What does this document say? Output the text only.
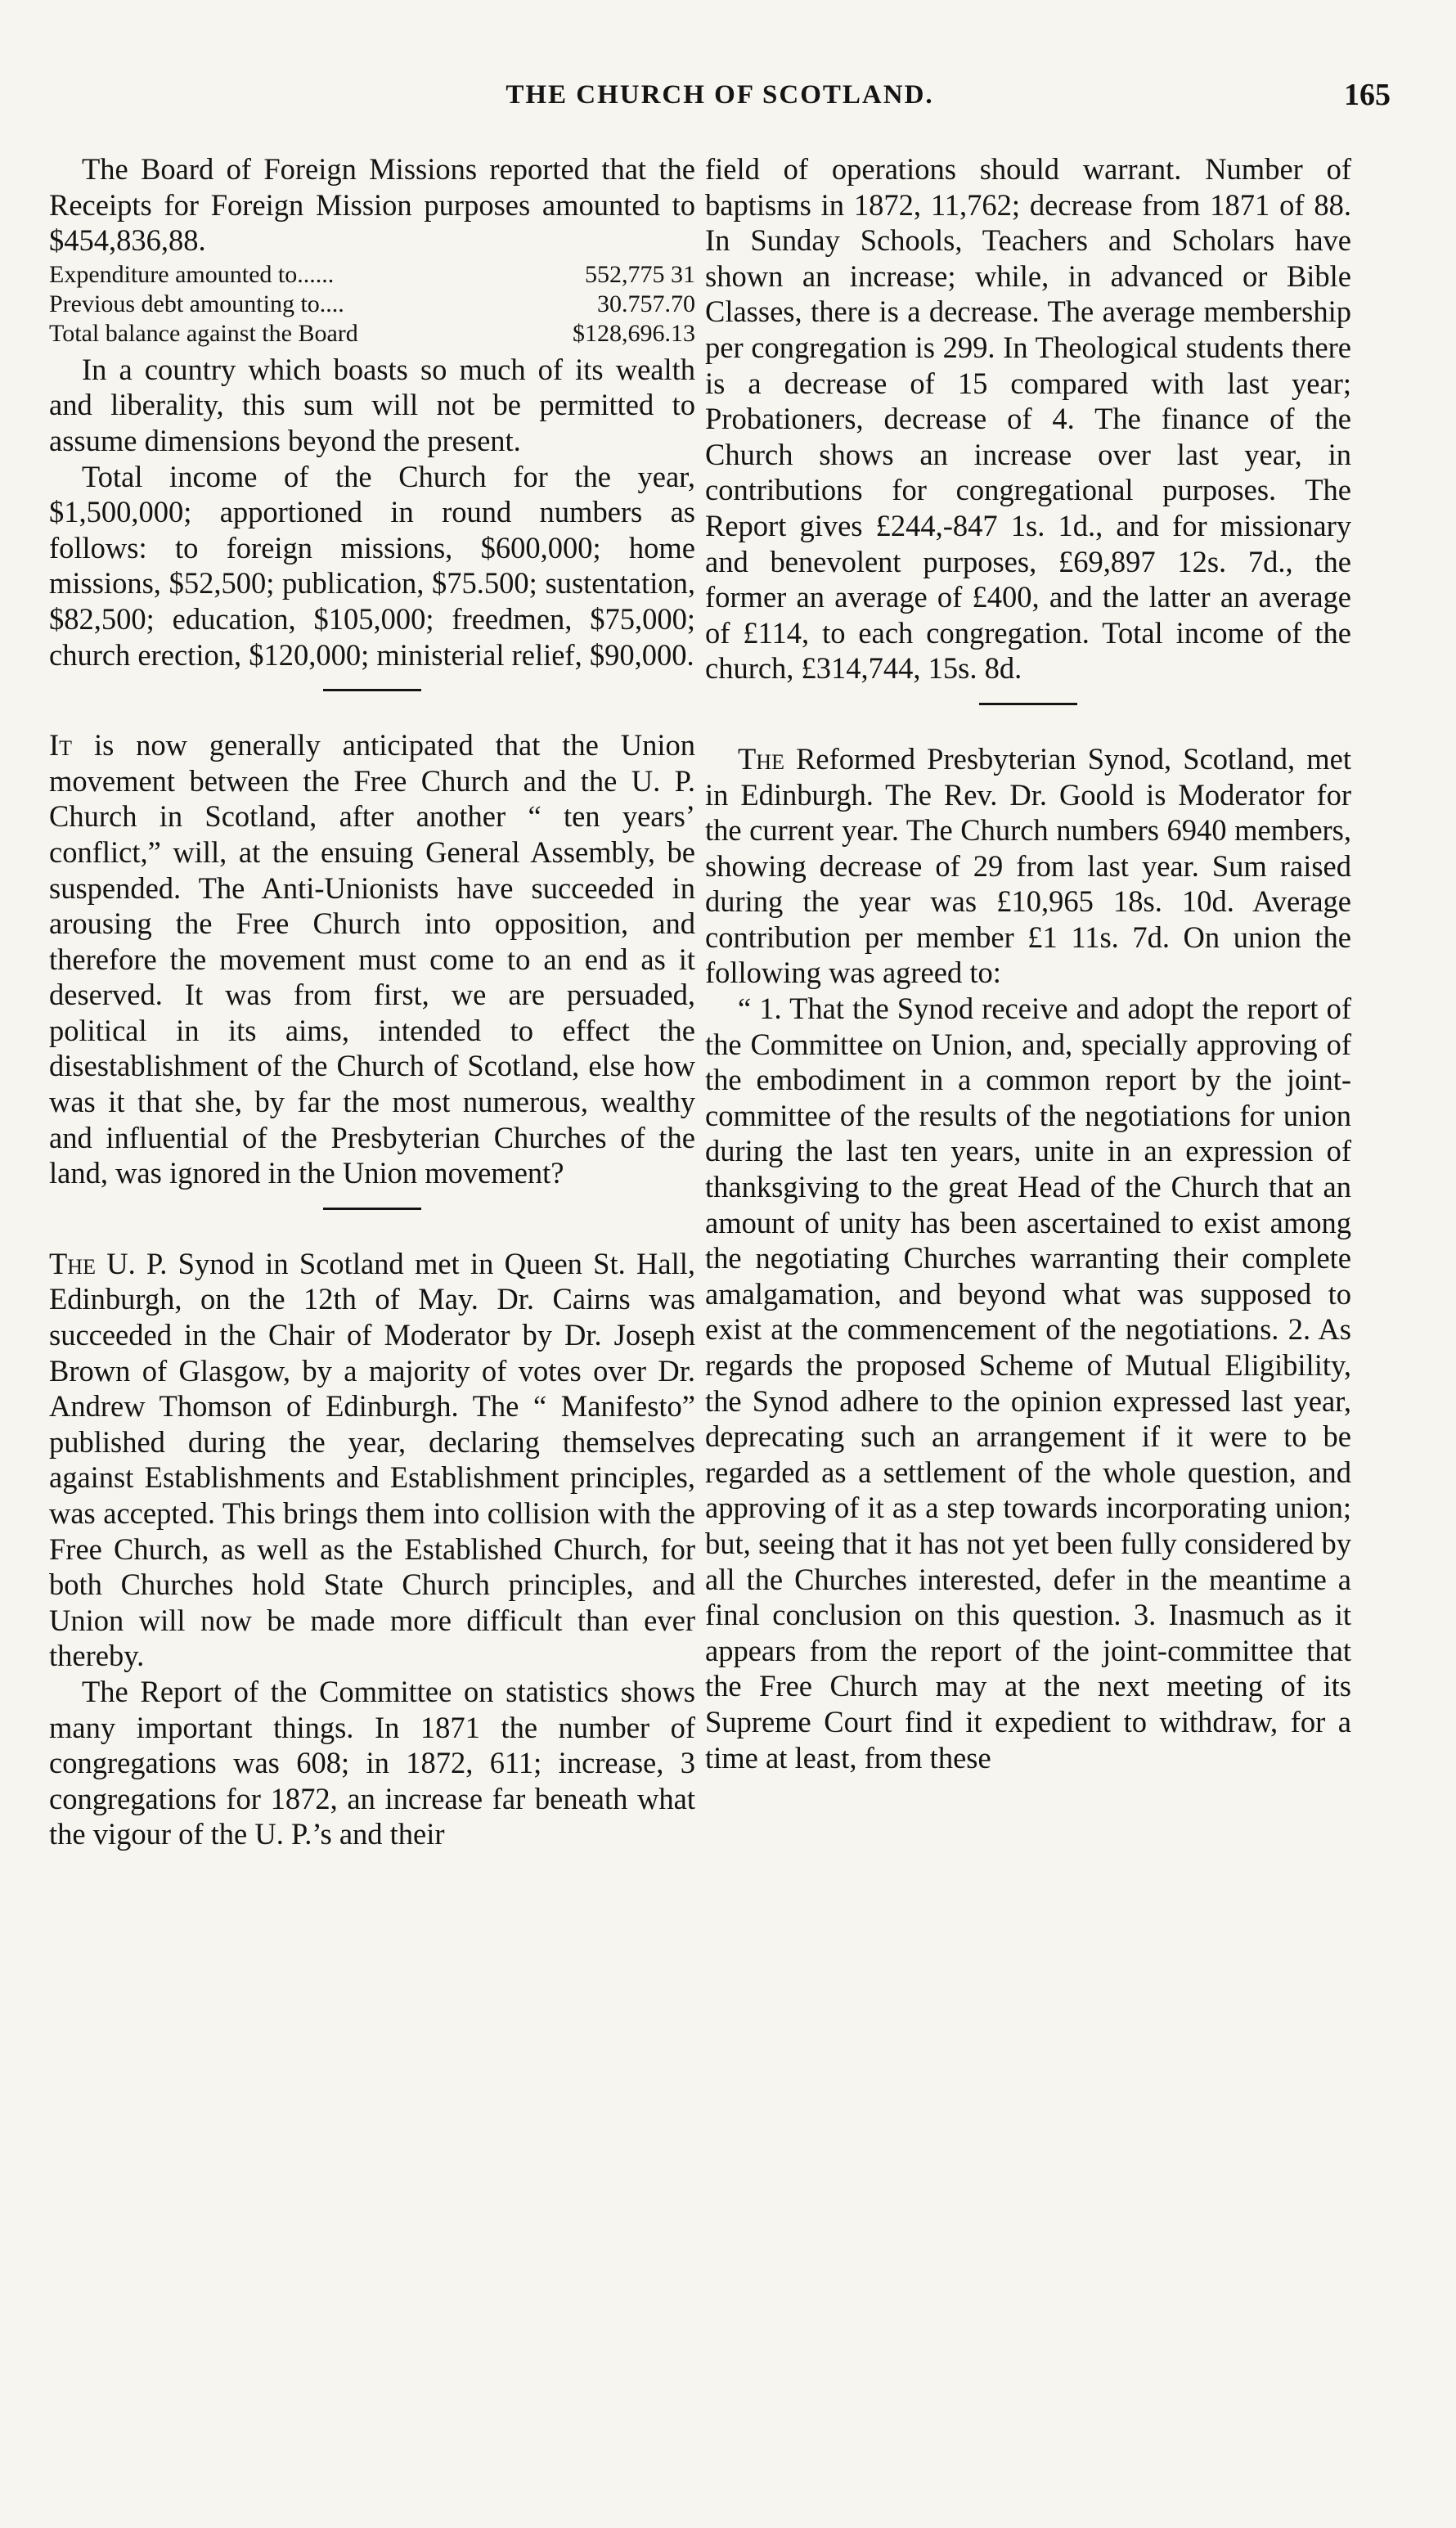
THE CHURCH OF SCOTLAND.	165

The Board of Foreign Missions reported that the Receipts for Foreign Mission purposes amounted to $454,836,88.

Expenditure amounted to......	552,775 31
Previous debt amounting to....	30.757.70
Total balance against the Board	$128,696.13

In a country which boasts so much of its wealth and liberality, this sum will not be permitted to assume dimensions beyond the present.

Total income of the Church for the year, $1,500,000; apportioned in round numbers as follows: to foreign missions, $600,000; home missions, $52,500; publication, $75.500; sustentation, $82,500; education, $105,000; freedmen, $75,000; church erection, $120,000; ministerial relief, $90,000.

It is now generally anticipated that the Union movement between the Free Church and the U. P. Church in Scotland, after another “ ten years’ conflict,” will, at the ensuing General Assembly, be suspended. The Anti-Unionists have succeeded in arousing the Free Church into opposition, and therefore the movement must come to an end as it deserved. It was from first, we are persuaded, political in its aims, intended to effect the disestablishment of the Church of Scotland, else how was it that she, by far the most numerous, wealthy and influential of the Presbyterian Churches of the land, was ignored in the Union movement?

The U. P. Synod in Scotland met in Queen St. Hall, Edinburgh, on the 12th of May. Dr. Cairns was succeeded in the Chair of Moderator by Dr. Joseph Brown of Glasgow, by a majority of votes over Dr. Andrew Thomson of Edinburgh. The “ Manifesto” published during the year, declaring themselves against Establishments and Establishment principles, was accepted. This brings them into collision with the Free Church, as well as the Established Church, for both Churches hold State Church principles, and Union will now be made more difficult than ever thereby.

The Report of the Committee on statistics shows many important things. In 1871 the number of congregations was 608; in 1872, 611; increase, 3 congregations for 1872, an increase far beneath what the vigour of the U. P.’s and their

field of operations should warrant. Number of baptisms in 1872, 11,762; decrease from 1871 of 88. In Sunday Schools, Teachers and Scholars have shown an increase; while, in advanced or Bible Classes, there is a decrease. The average membership per congregation is 299. In Theological students there is a decrease of 15 compared with last year; Probationers, decrease of 4. The finance of the Church shows an increase over last year, in contributions for congregational purposes. The Report gives £244,-847 1s. 1d., and for missionary and benevolent purposes, £69,897 12s. 7d., the former an average of £400, and the latter an average of £114, to each congregation. Total income of the church, £314,744, 15s. 8d.

The Reformed Presbyterian Synod, Scotland, met in Edinburgh. The Rev. Dr. Goold is Moderator for the current year. The Church numbers 6940 members, showing decrease of 29 from last year. Sum raised during the year was £10,965 18s. 10d. Average contribution per member £1 11s. 7d. On union the following was agreed to:

“ 1. That the Synod receive and adopt the report of the Committee on Union, and, specially approving of the embodiment in a common report by the joint-committee of the results of the negotiations for union during the last ten years, unite in an expression of thanksgiving to the great Head of the Church that an amount of unity has been ascertained to exist among the negotiating Churches warranting their complete amalgamation, and beyond what was supposed to exist at the commencement of the negotiations. 2. As regards the proposed Scheme of Mutual Eligibility, the Synod adhere to the opinion expressed last year, deprecating such an arrangement if it were to be regarded as a settlement of the whole question, and approving of it as a step towards incorporating union; but, seeing that it has not yet been fully considered by all the Churches interested, defer in the meantime a final conclusion on this question. 3. Inasmuch as it appears from the report of the joint-committee that the Free Church may at the next meeting of its Supreme Court find it expedient to withdraw, for a time at least, from these
